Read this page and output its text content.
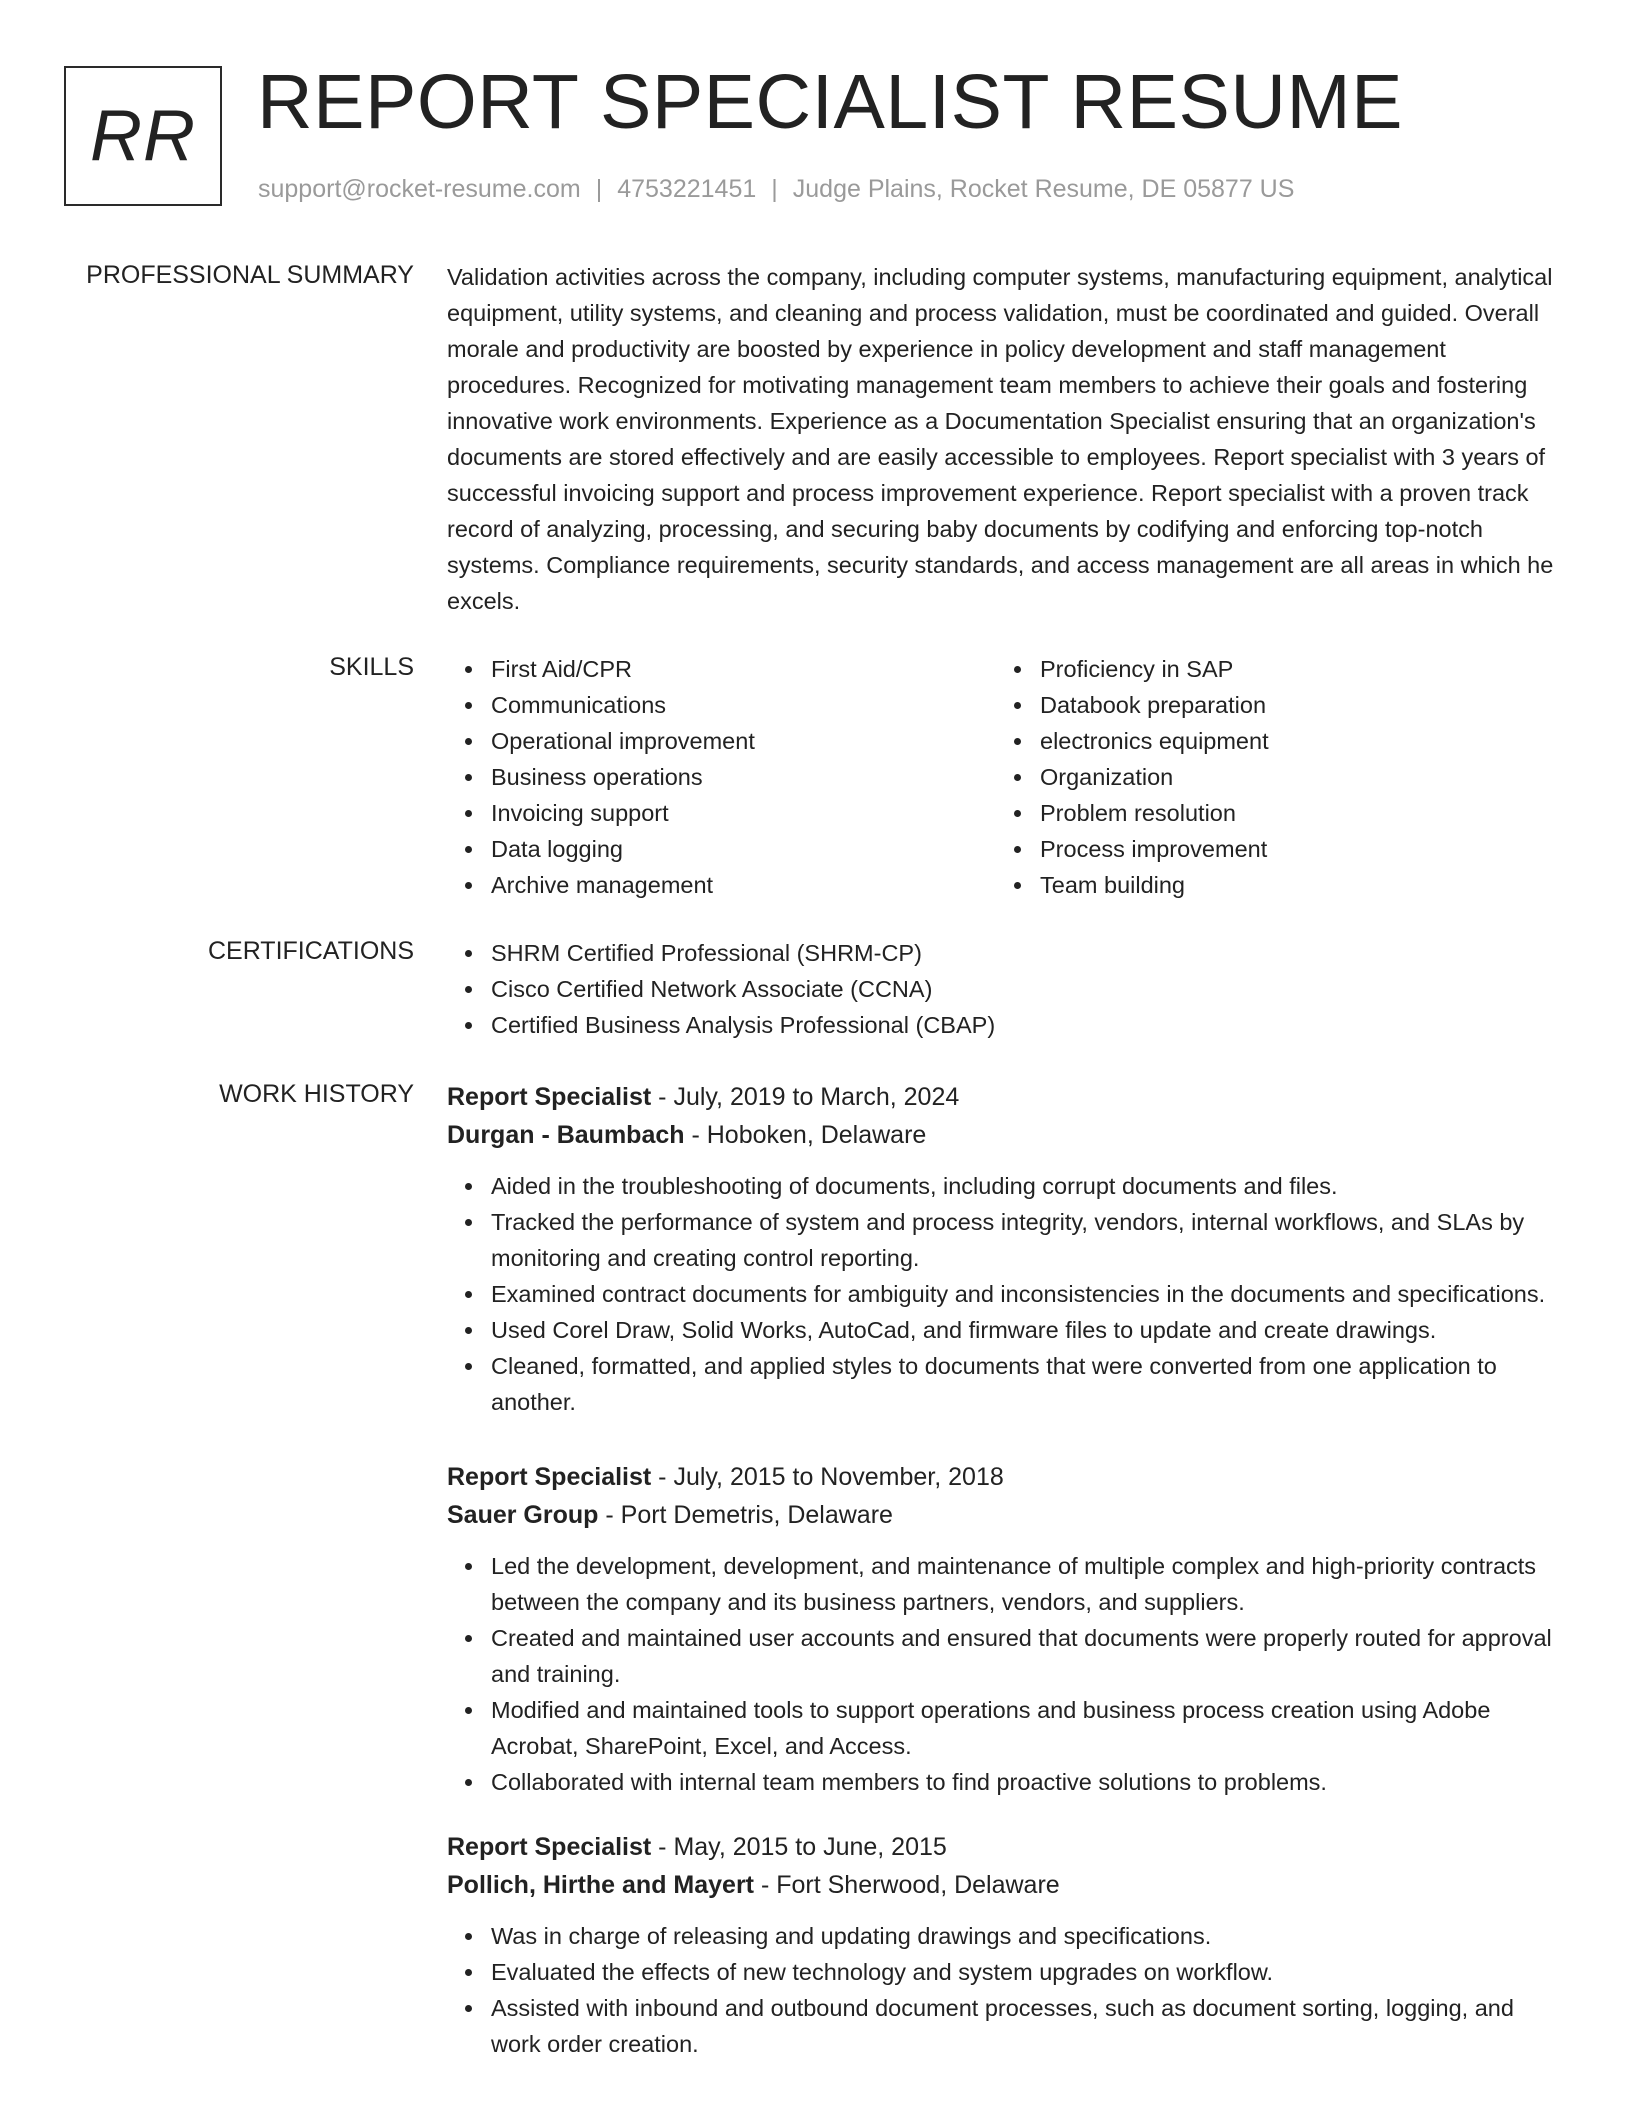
RR REPORT SPECIALIST RESUME
support@rocket-resume.com | 4753221451 | Judge Plains, Rocket Resume, DE 05877 US
PROFESSIONAL SUMMARY Validation activities across the company, including computer systems, manufacturing equipment, analytical equipment, utility systems, and cleaning and process validation, must be coordinated and guided. Overall morale and productivity are boosted by experience in policy development and staff management procedures. Recognized for motivating management team members to achieve their goals and fostering innovative work environments. Experience as a Documentation Specialist ensuring that an organization's documents are stored effectively and are easily accessible to employees. Report specialist with 3 years of successful invoicing support and process improvement experience. Report specialist with a proven track record of analyzing, processing, and securing baby documents by codifying and enforcing top-notch systems. Compliance requirements, security standards, and access management are all areas in which he excels.

SKILLS	First Aid/CPR
Communications
Operational improvement
Business operations
Invoicing support
Data logging
Archive management
Proficiency in SAP
Databook preparation
electronics equipment
Organization
Problem resolution
Process improvement
Team building
CERTIFICATIONS	SHRM Certified Professional (SHRM-CP)
Cisco Certified Network Associate (CCNA)
Certified Business Analysis Professional (CBAP)
WORK HISTORY Report Specialist - July, 2019 to March, 2024
Durgan - Baumbach - Hoboken, Delaware
Aided in the troubleshooting of documents, including corrupt documents and files.
Tracked the performance of system and process integrity, vendors, internal workflows, and SLAs by monitoring and creating control reporting.
Examined contract documents for ambiguity and inconsistencies in the documents and specifications.
Used Corel Draw, Solid Works, AutoCad, and firmware files to update and create drawings.
Cleaned, formatted, and applied styles to documents that were converted from one application to another.
Report Specialist - July, 2015 to November, 2018
Sauer Group - Port Demetris, Delaware
Led the development, development, and maintenance of multiple complex and high-priority contracts between the company and its business partners, vendors, and suppliers.
Created and maintained user accounts and ensured that documents were properly routed for approval and training.
Modified and maintained tools to support operations and business process creation using Adobe Acrobat, SharePoint, Excel, and Access.
Collaborated with internal team members to find proactive solutions to problems.
Report Specialist - May, 2015 to June, 2015
Pollich, Hirthe and Mayert - Fort Sherwood, Delaware
Was in charge of releasing and updating drawings and specifications.
Evaluated the effects of new technology and system upgrades on workflow.
Assisted with inbound and outbound document processes, such as document sorting, logging, and work order creation.
